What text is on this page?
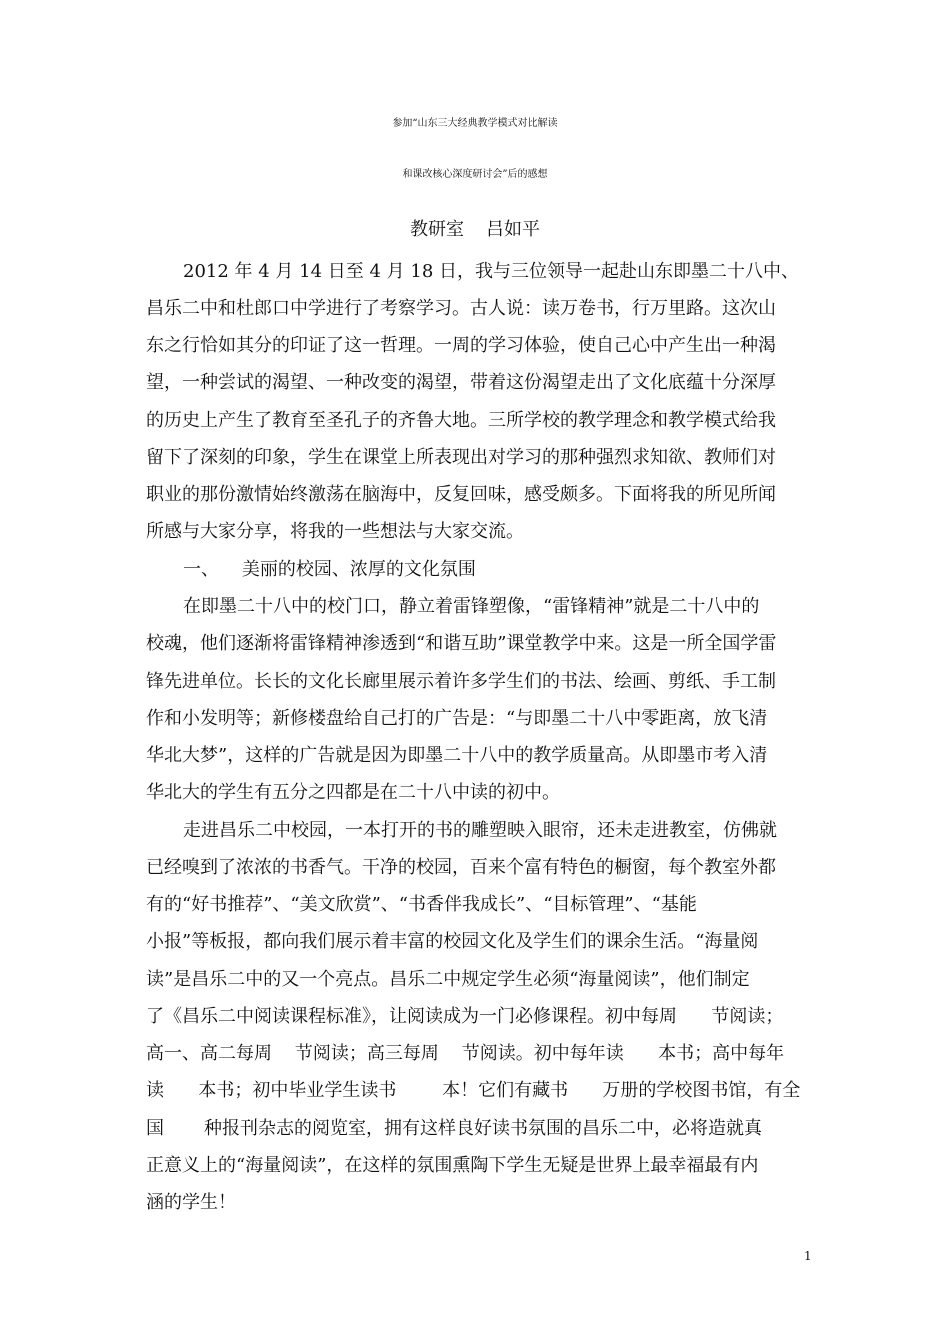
参加“山东三大经典教学模式对比解读
和课改核心深度研讨会”后的感想
教研室 吕如平
2012 年 4 月 14 日至 4 月 18 日，我与三位领导一起赴山东即墨二十八中、
昌乐二中和杜郎口中学进行了考察学习。古人说：读万卷书，行万里路。这次山
东之行恰如其分的印证了这一哲理。一周的学习体验，使自己心中产生出一种渴
望，一种尝试的渴望、一种改变的渴望，带着这份渴望走出了文化底蕴十分深厚
的历史上产生了教育至圣孔子的齐鲁大地。三所学校的教学理念和教学模式给我
留下了深刻的印象，学生在课堂上所表现出对学习的那种强烈求知欲、教师们对
职业的那份激情始终激荡在脑海中，反复回味，感受颇多。下面将我的所见所闻
所感与大家分享，将我的一些想法与大家交流。
一、    美丽的校园、浓厚的文化氛围
在即墨二十八中的校门口，静立着雷锋塑像，“雷锋精神”就是二十八中的
校魂，他们逐渐将雷锋精神渗透到“和谐互助”课堂教学中来。这是一所全国学雷
锋先进单位。长长的文化长廊里展示着许多学生们的书法、绘画、剪纸、手工制
作和小发明等；新修楼盘给自己打的广告是：“与即墨二十八中零距离，放飞清
华北大梦”，这样的广告就是因为即墨二十八中的教学质量高。从即墨市考入清
华北大的学生有五分之四都是在二十八中读的初中。
走进昌乐二中校园，一本打开的书的雕塑映入眼帘，还未走进教室，仿佛就
已经嗅到了浓浓的书香气。干净的校园，百来个富有特色的橱窗，每个教室外都
有的“好书推荐”、“美文欣赏”、“书香伴我成长”、“目标管理”、“基能
小报”等板报，都向我们展示着丰富的校园文化及学生们的课余生活。“海量阅
读”是昌乐二中的又一个亮点。昌乐二中规定学生必须“海量阅读”，他们制定
了《昌乐二中阅读课程标准》，让阅读成为一门必修课程。初中每周      节阅读；
高一、高二每周    节阅读；高三每周    节阅读。初中每年读      本书；高中每年
读      本书；初中毕业学生读书        本！它们有藏书      万册的学校图书馆，有全
国       种报刊杂志的阅览室，拥有这样良好读书氛围的昌乐二中，必将造就真
正意义上的“海量阅读”，在这样的氛围熏陶下学生无疑是世界上最幸福最有内
涵的学生！
1
